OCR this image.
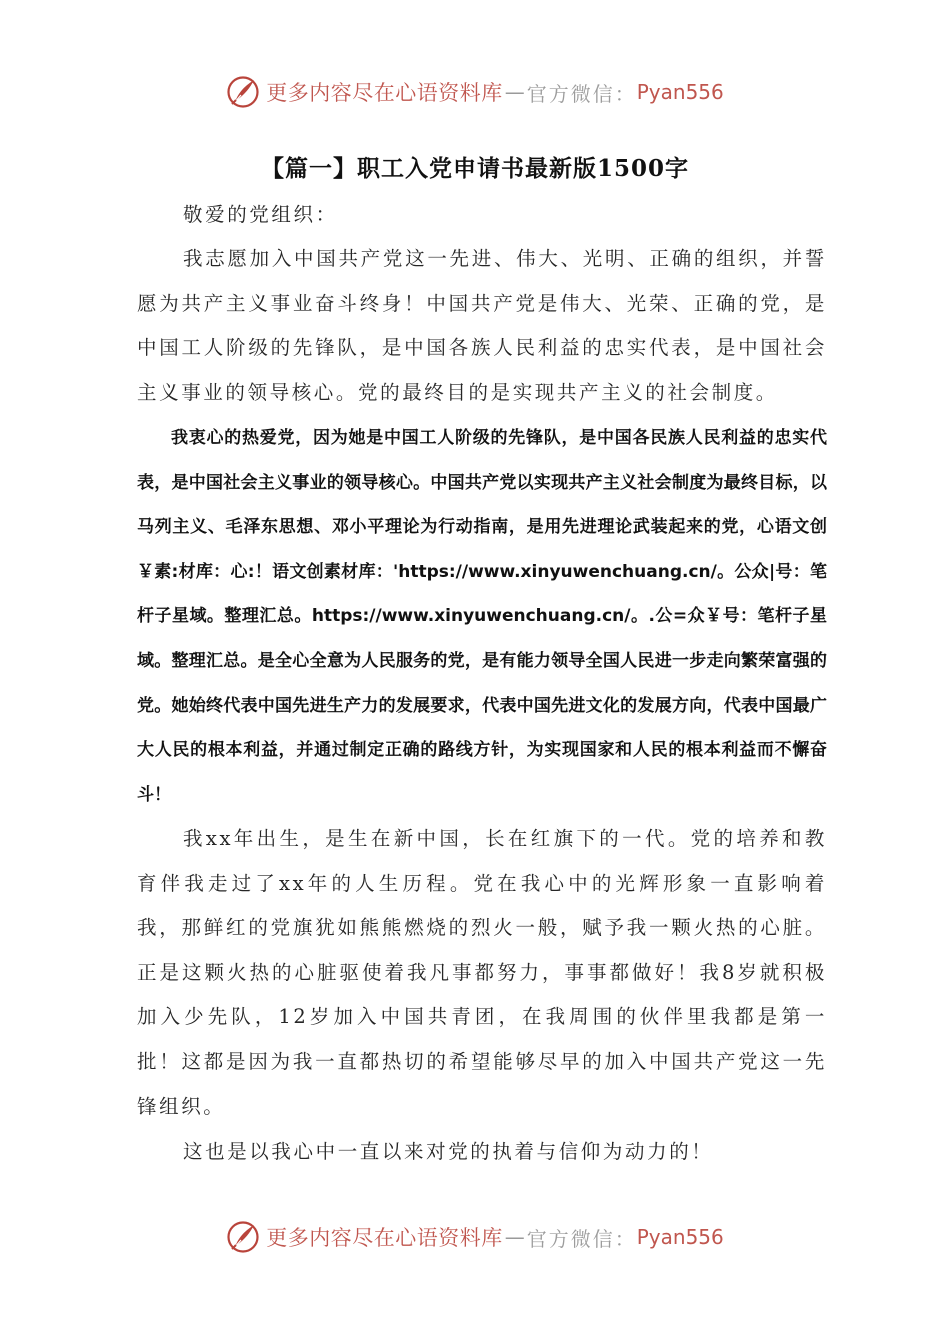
更多内容尽在心语资料库 — 官方微信： Pyan556
【篇一】职工入党申请书最新版1500字

敬爱的党组织：

我志愿加入中国共产党这一先进、伟大、光明、正确的组织，并誓愿为共产主义事业奋斗终身！中国共产党是伟大、光荣、正确的党，是中国工人阶级的先锋队，是中国各族人民利益的忠实代表，是中国社会主义事业的领导核心。党的最终目的是实现共产主义的社会制度。

我衷心的热爱党，因为她是中国工人阶级的先锋队，是中国各民族人民利益的忠实代表，是中国社会主义事业的领导核心。中国共产党以实现共产主义社会制度为最终目标，以马列主义、毛泽东思想、邓小平理论为行动指南，是用先进理论武装起来的党，心语文创￥素:材库：心:！语文创素材库：'https://www.xinyuwenchuang.cn/。公众|号：笔杆子星域。整理汇总。https://www.xinyuwenchuang.cn/。.公=众￥号：笔杆子星域。整理汇总。是全心全意为人民服务的党，是有能力领导全国人民进一步走向繁荣富强的党。她始终代表中国先进生产力的发展要求，代表中国先进文化的发展方向，代表中国最广大人民的根本利益，并通过制定正确的路线方针，为实现国家和人民的根本利益而不懈奋斗！

我xx年出生，是生在新中国，长在红旗下的一代。党的培养和教育伴我走过了xx年的人生历程。党在我心中的光辉形象一直影响着我，那鲜红的党旗犹如熊熊燃烧的烈火一般，赋予我一颗火热的心脏。正是这颗火热的心脏驱使着我凡事都努力，事事都做好！我8岁就积极加入少先队，12岁加入中国共青团，在我周围的伙伴里我都是第一批！这都是因为我一直都热切的希望能够尽早的加入中国共产党这一先锋组织。

这也是以我心中一直以来对党的执着与信仰为动力的！

更多内容尽在心语资料库 — 官方微信： Pyan556
